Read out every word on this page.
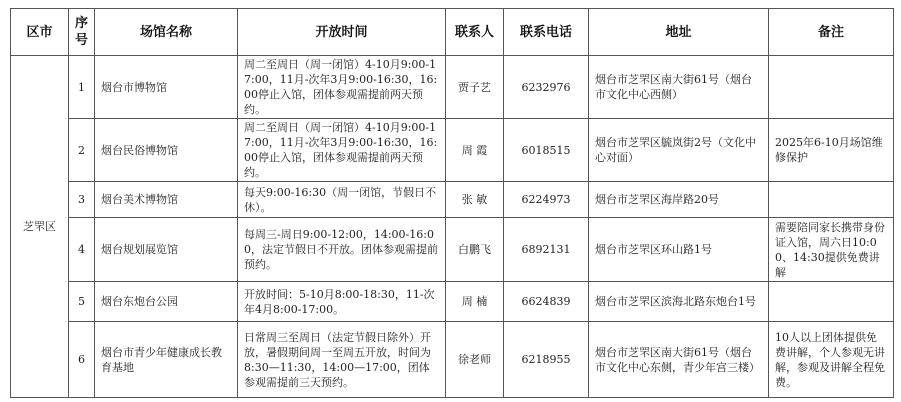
区市	序号	场馆名称	开放时间	联系人	联系电话	地址	备注
芝罘区	1	烟台市博物馆	周二至周日（周一闭馆）4-10月9:00-17:00，11月-次年3月9:00-16:30，16:00停止入馆，团体参观需提前两天预约。	贾子艺	6232976	烟台市芝罘区南大街61号（烟台市文化中心西侧）	
	2	烟台民俗博物馆	周二至周日（周一闭馆）4-10月9:00-17:00，11月-次年3月9:00-16:30，16:00停止入馆，团体参观需提前两天预约。	周 霞	6018515	烟台市芝罘区毓岚街2号（文化中心对面）	2025年6-10月场馆维修保护
	3	烟台美术博物馆	每天9:00-16:30（周一闭馆，节假日不休）。	张 敏	6224973	烟台市芝罘区海岸路20号	
	4	烟台规划展览馆	每周三-周日9:00-12:00，14:00-16:00，法定节假日不开放。团体参观需提前预约。	白鹏飞	6892131	烟台市芝罘区环山路1号	需要陪同家长携带身份证入馆，周六日10:00、14:30提供免费讲解
	5	烟台东炮台公园	开放时间：5-10月8:00-18:30，11-次年4月8:00-17:00。	周 楠	6624839	烟台市芝罘区滨海北路东炮台1号	
	6	烟台市青少年健康成长教育基地	日常周三至周日（法定节假日除外）开放，暑假期间周一至周五开放，时间为8:30—11:30，14:00—17:00，团体参观需提前三天预约。	徐老师	6218955	烟台市芝罘区南大街61号（烟台市文化中心东侧，青少年宫三楼）	10人以上团体提供免费讲解，个人参观无讲解，参观及讲解全程免费。
